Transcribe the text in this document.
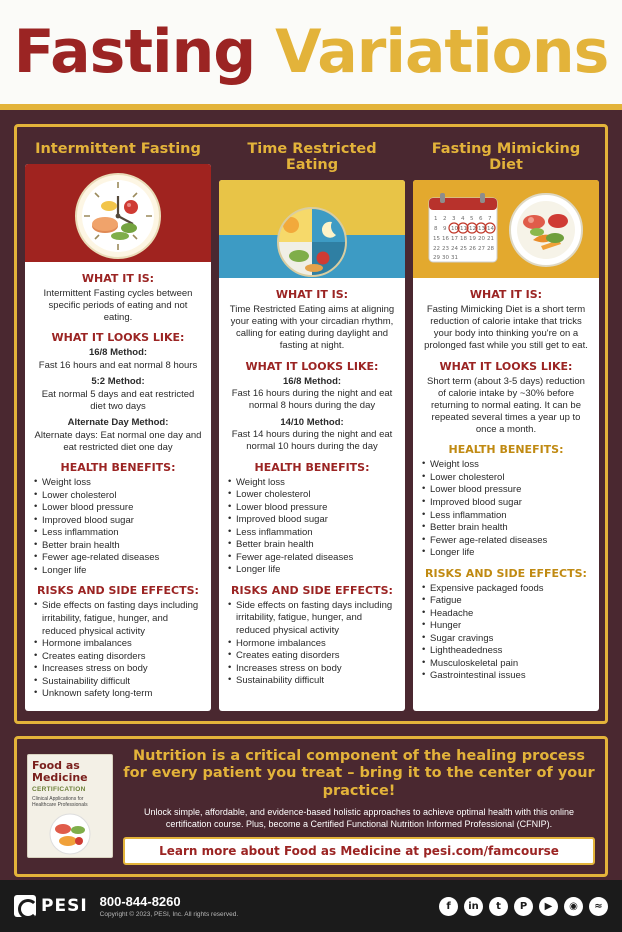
Fasting Variations
Intermittent Fasting
WHAT IT IS:
Intermittent Fasting cycles between specific periods of eating and not eating.
WHAT IT LOOKS LIKE:
16/8 Method:
Fast 16 hours and eat normal 8 hours
5:2 Method:
Eat normal 5 days and eat restricted diet two days
Alternate Day Method:
Alternate days: Eat normal one day and eat restricted diet one day
HEALTH BENEFITS:
• Weight loss
• Lower cholesterol
• Lower blood pressure
• Improved blood sugar
• Less inflammation
• Better brain health
• Fewer age-related diseases
• Longer life
RISKS AND SIDE EFFECTS:
• Side effects on fasting days including irritability, fatigue, hunger, and reduced physical activity
• Hormone imbalances
• Creates eating disorders
• Increases stress on body
• Sustainability difficult
• Unknown safety long-term
Time Restricted Eating
WHAT IT IS:
Time Restricted Eating aims at aligning your eating with your circadian rhythm, calling for eating during daylight and fasting at night.
WHAT IT LOOKS LIKE:
16/8 Method:
Fast 16 hours during the night and eat normal 8 hours during the day
14/10 Method:
Fast 14 hours during the night and eat normal 10 hours during the day
HEALTH BENEFITS:
• Weight loss
• Lower cholesterol
• Lower blood pressure
• Improved blood sugar
• Less inflammation
• Better brain health
• Fewer age-related diseases
• Longer life
RISKS AND SIDE EFFECTS:
• Side effects on fasting days including irritability, fatigue, hunger, and reduced physical activity
• Hormone imbalances
• Creates eating disorders
• Increases stress on body
• Sustainability difficult
Fasting Mimicking Diet
1 2 3 4 5 6 7
8 9 10 11 12 13 14
15 16 17 18 19 20 21
22 23 24 25 26 27 28
29 30 31
WHAT IT IS:
Fasting Mimicking Diet is a short term reduction of calorie intake that tricks your body into thinking you're on a prolonged fast while you still get to eat.
WHAT IT LOOKS LIKE:
Short term (about 3-5 days) reduction of calorie intake by ~30% before returning to normal eating. It can be repeated several times a year up to once a month.
HEALTH BENEFITS:
• Weight loss
• Lower cholesterol
• Lower blood pressure
• Improved blood sugar
• Less inflammation
• Better brain health
• Fewer age-related diseases
• Longer life
RISKS AND SIDE EFFECTS:
• Expensive packaged foods
• Fatigue
• Headache
• Hunger
• Sugar cravings
• Lightheadedness
• Musculoskeletal pain
• Gastrointestinal issues
Food as Medicine
CERTIFICATION
Clinical Applications for Healthcare Professionals
Nutrition is a critical component of the healing process for every patient you treat – bring it to the center of your practice!
Unlock simple, affordable, and evidence-based holistic approaches to achieve optimal health with this online certification course. Plus, become a Certified Functional Nutrition Informed Professional (CFNIP).
Learn more about Food as Medicine at pesi.com/famcourse
PESI 800-844-8260
Copyright © 2023, PESI, Inc. All rights reserved.
f	in	t	P	▶	◉	≈
